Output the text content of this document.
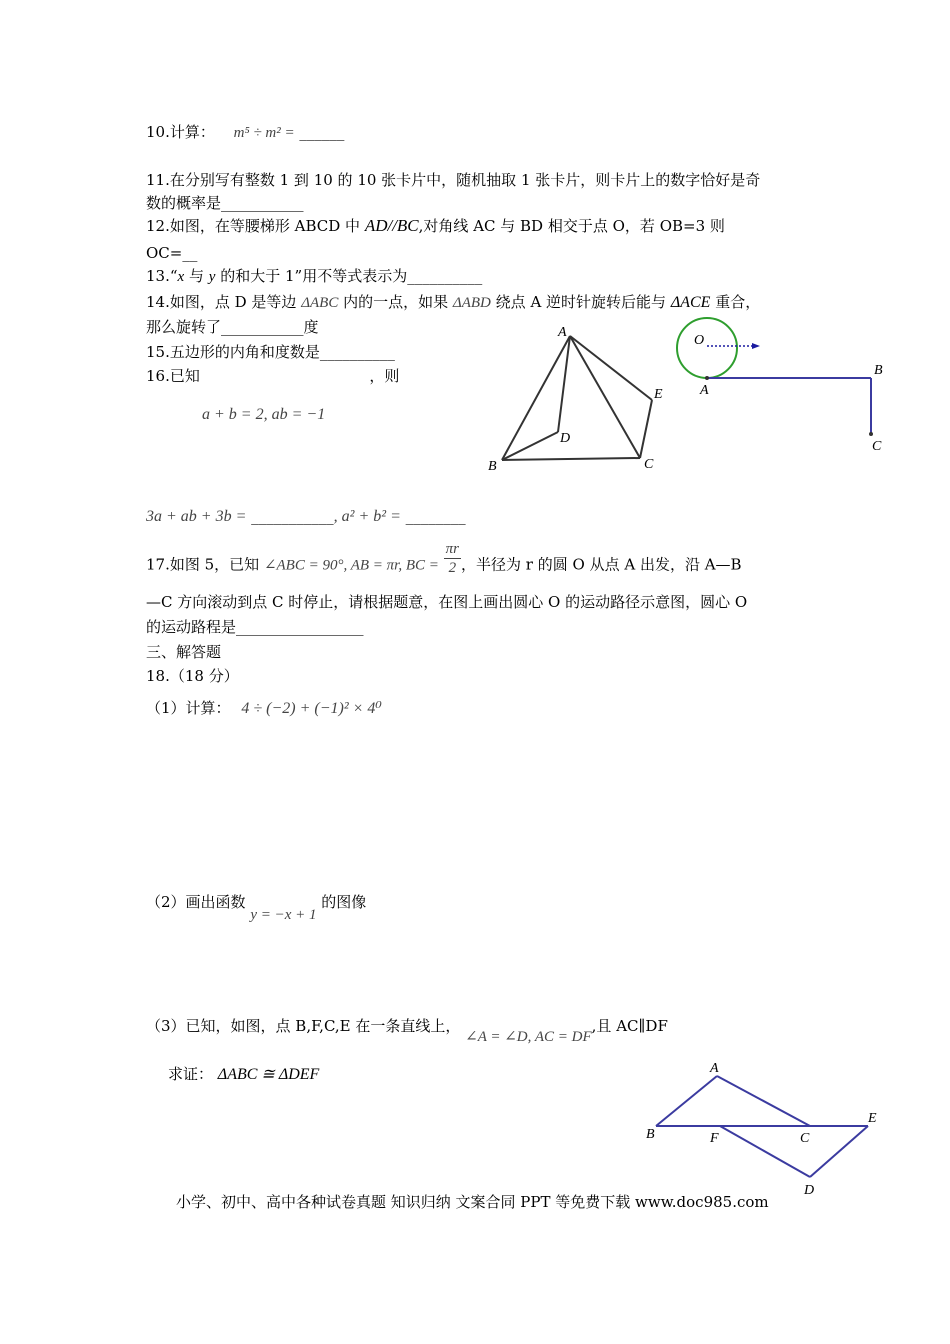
10.计算： m⁵ ÷ m² = ______
11.在分别写有整数 1 到 10 的 10 张卡片中，随机抽取 1 张卡片，则卡片上的数字恰好是奇
数的概率是___________
12.如图，在等腰梯形 ABCD 中 AD//BC,对角线 AC 与 BD 相交于点 O，若 OB=3 则
OC=__
13.“x 与 y 的和大于 1”用不等式表示为__________
14.如图，点 D 是等边 ΔABC 内的一点，如果 ΔABD 绕点 A 逆时针旋转后能与 ΔACE 重合，
那么旋转了___________度
15.五边形的内角和度数是__________
16.已知	，则
a + b = 2, ab = −1
3a + ab + 3b = ___________, a² + b² = ________
17.如图 5，已知 ∠ABC = 90°, AB = πr, BC = $\frac{\pi r}{2}$ ，半径为 r 的圆 O 从点 A 出发，沿 A—B
—C 方向滚动到点 C 时停止，请根据题意，在图上画出圆心 O 的运动路径示意图，圆心 O
的运动路程是_________________
三、解答题
18.（18 分）
（1）计算： 4 ÷ (−2) + (−1)² × 4⁰
（2）画出函数 y = −x + 1 的图像
（3）已知，如图，点 B,F,C,E 在一条直线上， ∠A = ∠D, AC = DF,且 AC∥DF
求证： ΔABC ≅ ΔDEF
A
B	C
D
E
O
A
B
C
A
B	F	C
E
D
小学、初中、高中各种试卷真题 知识归纳 文案合同 PPT 等免费下载 www.doc985.com
